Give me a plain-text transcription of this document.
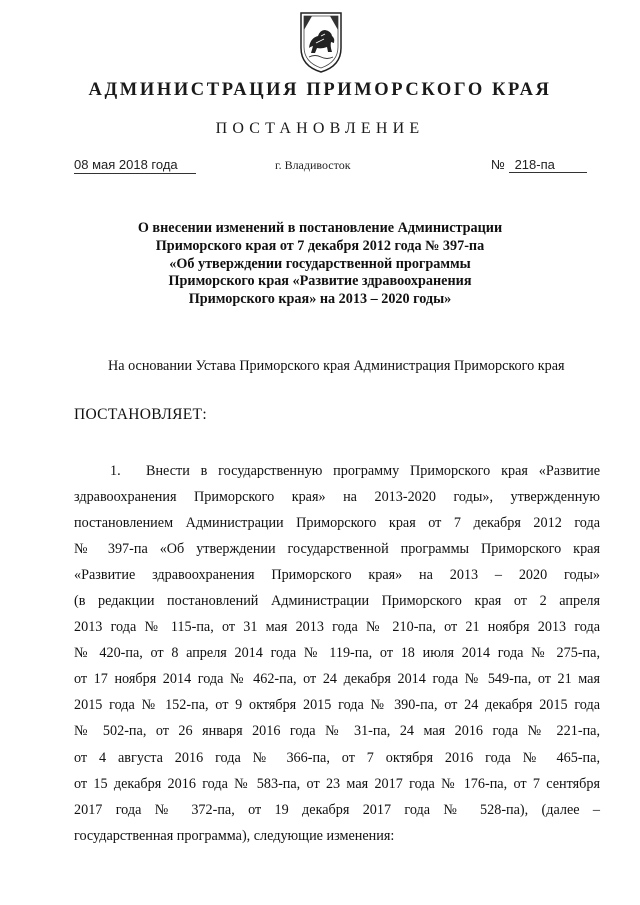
АДМИНИСТРАЦИЯ ПРИМОРСКОГО КРАЯ
ПОСТАНОВЛЕНИЕ
08 мая 2018 года	г. Владивосток	№ 218-па
О внесении изменений в постановление Администрации
Приморского края от 7 декабря 2012 года № 397-па
«Об утверждении государственной программы
Приморского края «Развитие здравоохранения
Приморского края» на 2013 – 2020 годы»
На основании Устава Приморского края Администрация Приморского края
ПОСТАНОВЛЯЕТ:
1. Внести в государственную программу Приморского края «Развитие
здравоохранения Приморского края» на 2013-2020 годы», утвержденную
постановлением Администрации Приморского края от 7 декабря 2012 года
№ 397-па «Об утверждении государственной программы Приморского края
«Развитие здравоохранения Приморского края» на 2013 – 2020 годы»
(в редакции постановлений Администрации Приморского края от 2 апреля
2013 года № 115-па, от 31 мая 2013 года № 210-па, от 21 ноября 2013 года
№ 420-па, от 8 апреля 2014 года № 119-па, от 18 июля 2014 года № 275-па,
от 17 ноября 2014 года № 462-па, от 24 декабря 2014 года № 549-па, от 21 мая
2015 года № 152-па, от 9 октября 2015 года № 390-па, от 24 декабря 2015 года
№ 502-па, от 26 января 2016 года № 31-па, 24 мая 2016 года № 221-па,
от 4 августа 2016 года № 366-па, от 7 октября 2016 года № 465-па,
от 15 декабря 2016 года № 583-па, от 23 мая 2017 года № 176-па, от 7 сентября
2017 года № 372-па, от 19 декабря 2017 года № 528-па), (далее –
государственная программа), следующие изменения:
